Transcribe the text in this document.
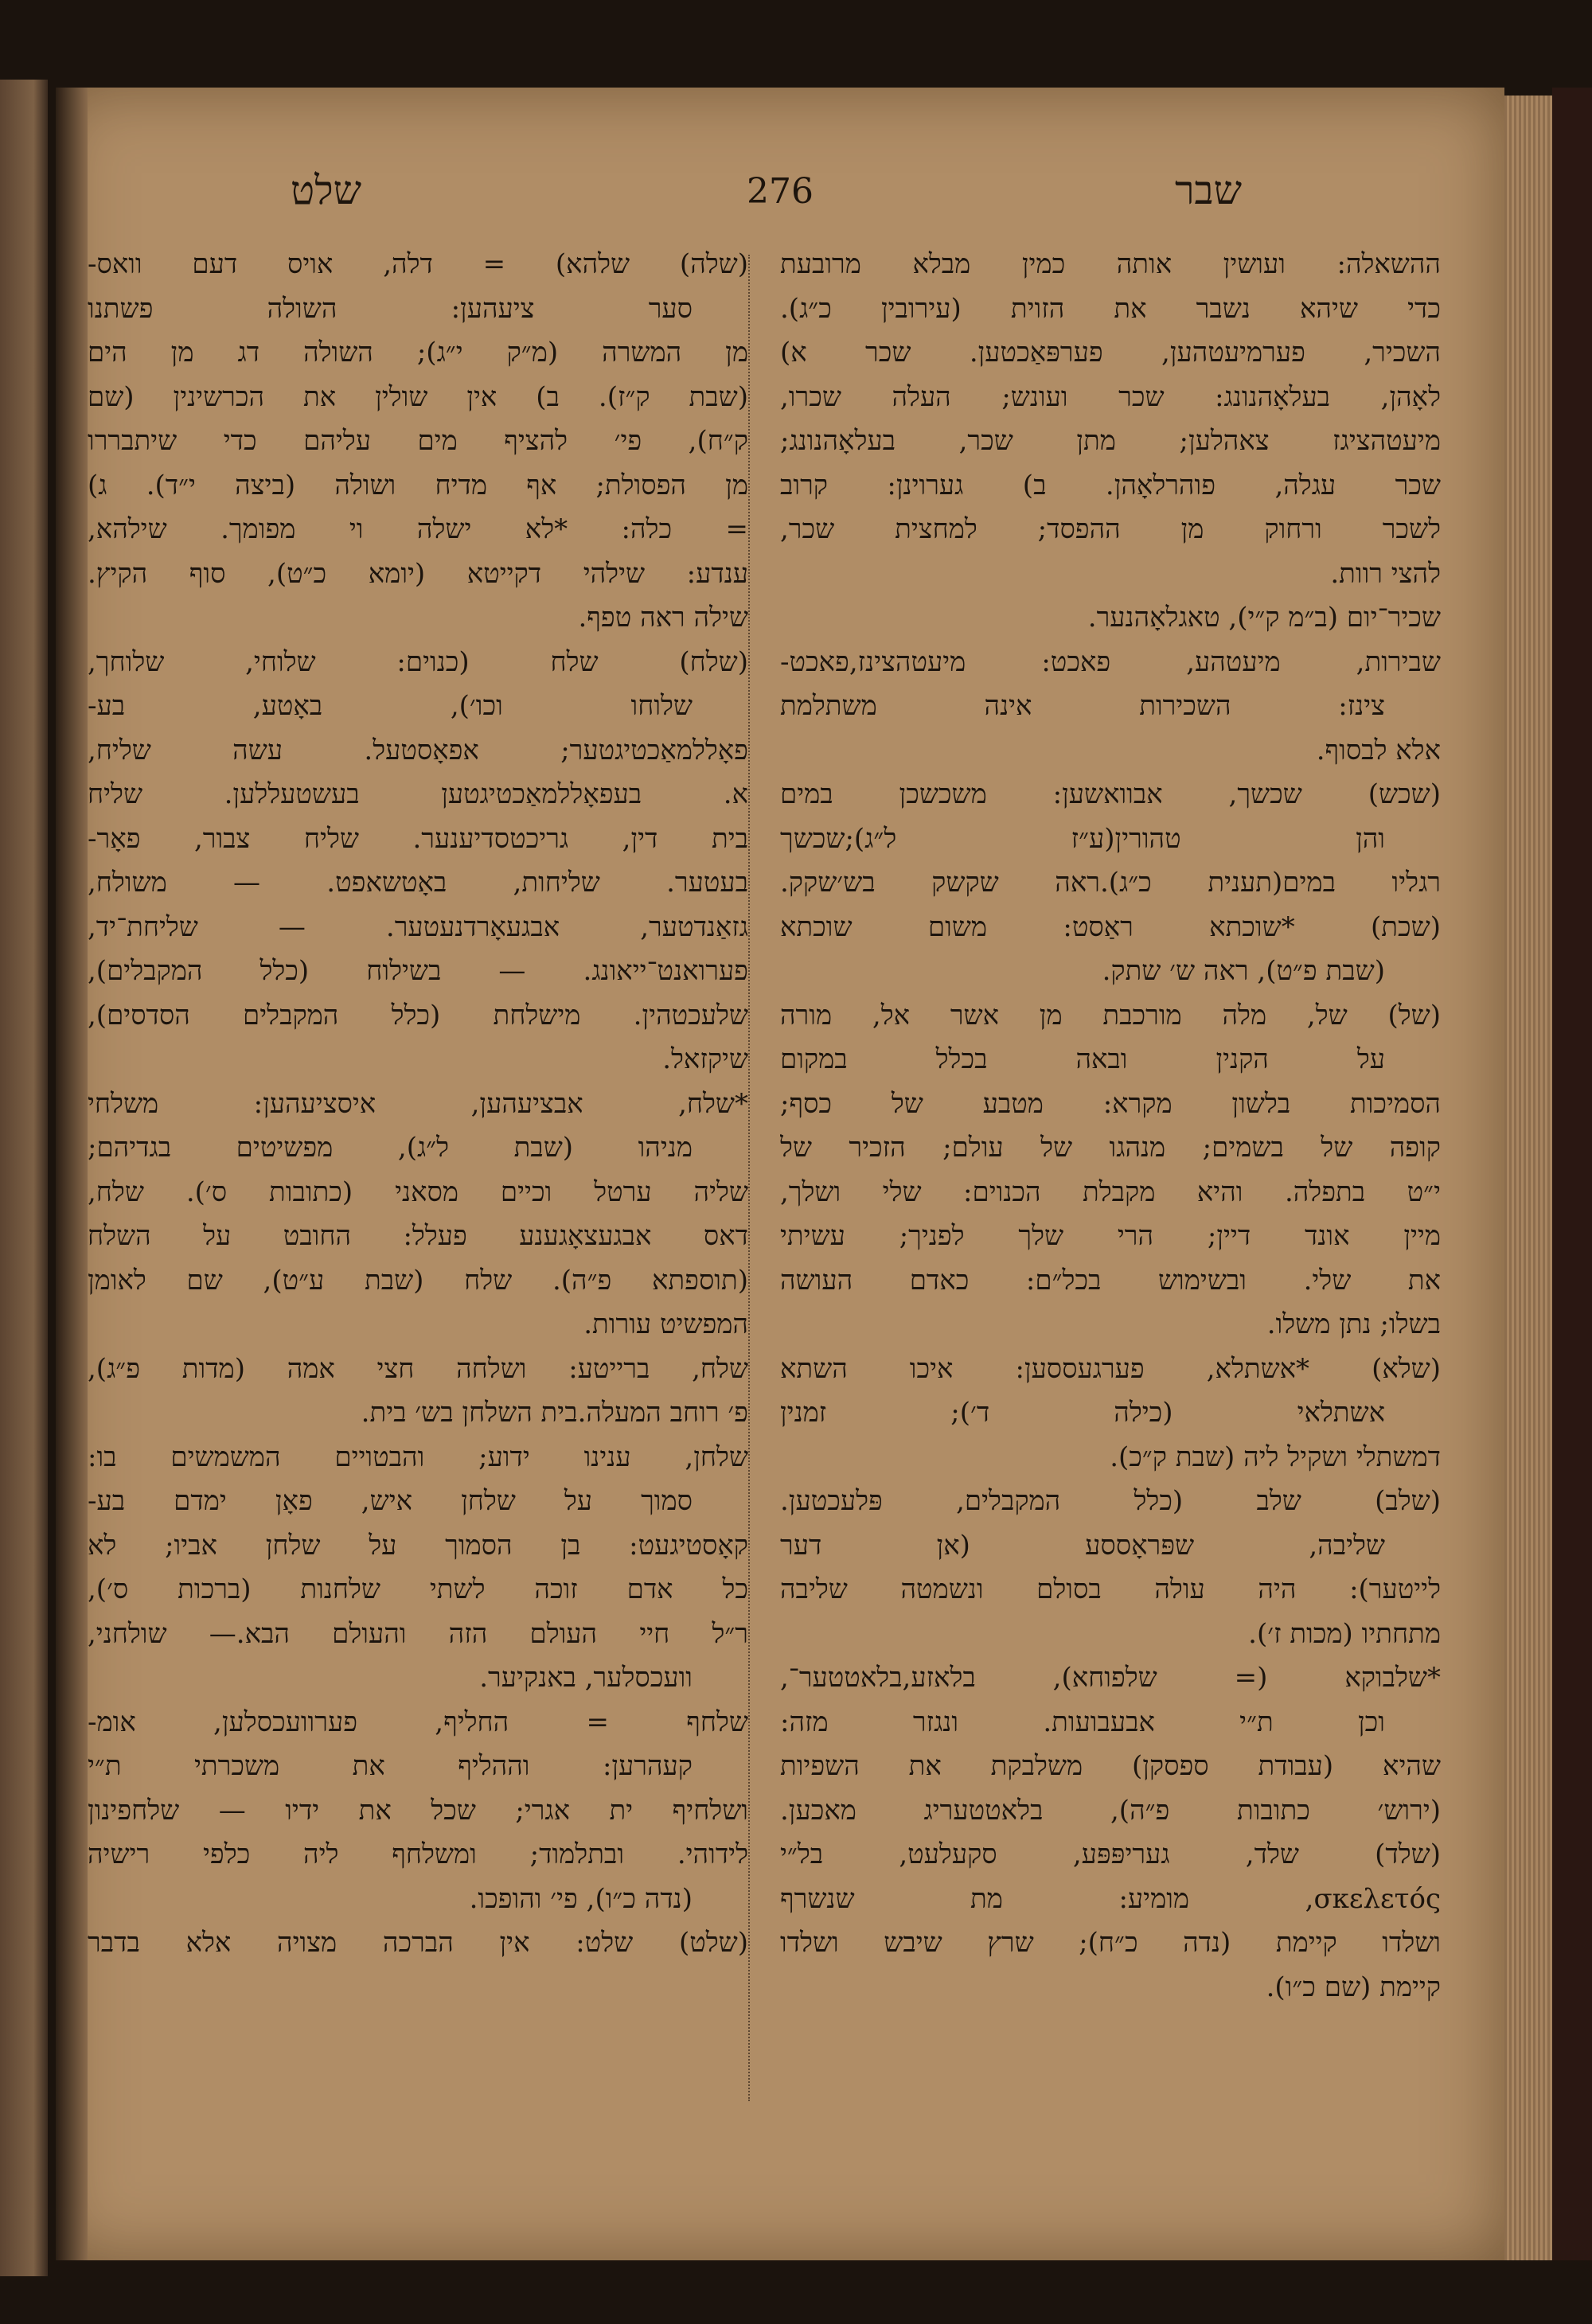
שלט	276	שבר
ההשאלה: ועושין אותה כמין מבלא מרובעת
כדי שיהא נשבר את הזוית (עירובין כ״ג).
השכיר, פערמיעטהען, פערפּאַכטען. שכר א)
לאָהן, בעלאָהנונג: שכר ועונש; העלה שכרו,
מיעטהציגז צאהלען; מתן שכר, בעלאָהנונג;
שכר עגלה, פוהרלאָהן. ב) גערוינן: קרוב
לשכר ורחוק מן ההפסד; למחצית שכר,
להצי רוות.
שכיר־יום (ב״מ ק״י), טאגלאָהנער.
שבירות, מיעטהע, פאכט: מיעטהצינז,פאכט-
צינז: השכירות אינה משתלמת
אלא לבסוף.
(שכש) שכשך, אבוואשען: משכשכן במים
והן טהורין(ע״ז ל״ג);שכשך
רגליו במים(תענית כ״ג).ראה שקשק בש׳שקק.
(שכת) *שוכתא ראַסט: משום שוכתא
(שבת פ״ט), ראה ש׳ שתק.
(של) של, מלה מורכבת מן אשר אל, מורה
על הקנין ובאה בכלל במקום
הסמיכות בלשון מקרא: מטבע של כסף;
קופה של בשמים; מנהגו של עולם; הזכיר של
י״ט בתפלה. והיא מקבלת הכנוים: שלי ושלך,
מיין אונד דיין; הרי שלך לפניך; עשיתי
את שלי. ובשימוש בכל״ם: כאדם העושה
בשלו; נתן משלו.
(שלא) *אשתלא, פערגעססען: איכו השתא
אשתלאי (כילה ד׳); זמנין
דמשתלי ושקיל ליה (שבת ק״כ).
(שלב) שלב (כלל המקבלים, פּלעכטען.
שליבה, שפּראָססע (אן דער
לייטער): היה עולה בסולם ונשמטה שליבה
מתחתיו (מכות ז׳).
*שלבוקא (= שלפוחא), בלאזע,בלאטטער־,
וכן ת״י אבעבועות. ונגזר מזה:
שהיא (עבודת ספסקן) משלבקת את השפיות
(ירוש׳ כתובות פ״ה), בלאטטעריג מאכען.
(שלד) שלד, געריפּפּע, סקעלעט, בל״י
σκελετός, מומיע: מת שנשרף
ושלדו קיימת (נדה כ״ח); שרץ שיבש ושלדו
קיימת (שם כ״ו).
(שלה) שלהא) = דלה, אויס דעם וואס-
סער ציעהען: השולה פשתנו
מן המשרה (מ״ק י״ג); השולה דג מן הים
(שבת ק״ז). ב) אין שולין את הכרשינין (שם
ק״ח), פי׳ להציף מים עליהם כדי שיתבררו
מן הפסולת; אף מדיח ושולה (ביצה י״ד). ג)
= כלה: *לא ישלה וי מפומך. שילהא,
ענדע: שילהי דקייטא (יומא כ״ט), סוף הקיץ.
שילה ראה טפף.
(שלח) שלח (כנוים: שלוחי, שלוחך,
שלוחו וכו׳), באָטע, בע-
פאָללמאַכטיגטער; אפאָסטעל. עשה שליח,
א. בעפאָללמאַכטיגטען בעשטעללען. שליח
בית דין, גריכטסדיענער. שליח צבור, פאָר-
בעטער. שליחות, באָטשאפט. — משולח,
גזאַנדטער, אבגעאָרדנעטער. — שליחת־יד,
פערואנט־ייאונג. — בשילוח (כלל המקבלים),
שלעכטהין. מישלחת (כלל המקבלים הסדסים),
שיקזאל.
*שלח, אבציעהען, איסציעהען: משלחי
מניהו (שבת ל״ג), מפשיטים בגדיהם;
שליה ערטל וכיים מסאני (כתובות ס׳). שלח,
דאס אבגעצאָגענע פעלל: החובט על השלח
(תוספתא פ״ה). שלח (שבת ע״ט), שם לאומן
המפשיט עורות.
שלח, ברייטע: ושלחה חצי אמה (מדות פ״ג),
פ׳ רוחב המעלה.בית השלחן בש׳ בית.
שלחן, ענינו ידוע; והבטויים המשמשים בו:
סמוך על שלחן איש, פאָן ימדם בע-
קאָסטיגעט: בן הסמוך על שלחן אביו; לא
כל אדם זוכה לשתי שלחנות (ברכות ס׳),
ר״ל חיי העולם הזה והעולם הבא.— שולחני,
וועכסלער, באנקיער.
שלחף = החליף, פערוועכסלען, אומ-
קעהרען: וההליף את משכרתי ת״י
ושלחיף ית אגרי; שכל את ידיו — שלחפינון
לידוהי. ובתלמוד; ומשלחף ליה כלפי רישיה
(נדה כ״ו), פי׳ והופכו.
(שלט) שלט: אין הברכה מצויה אלא בדבר
